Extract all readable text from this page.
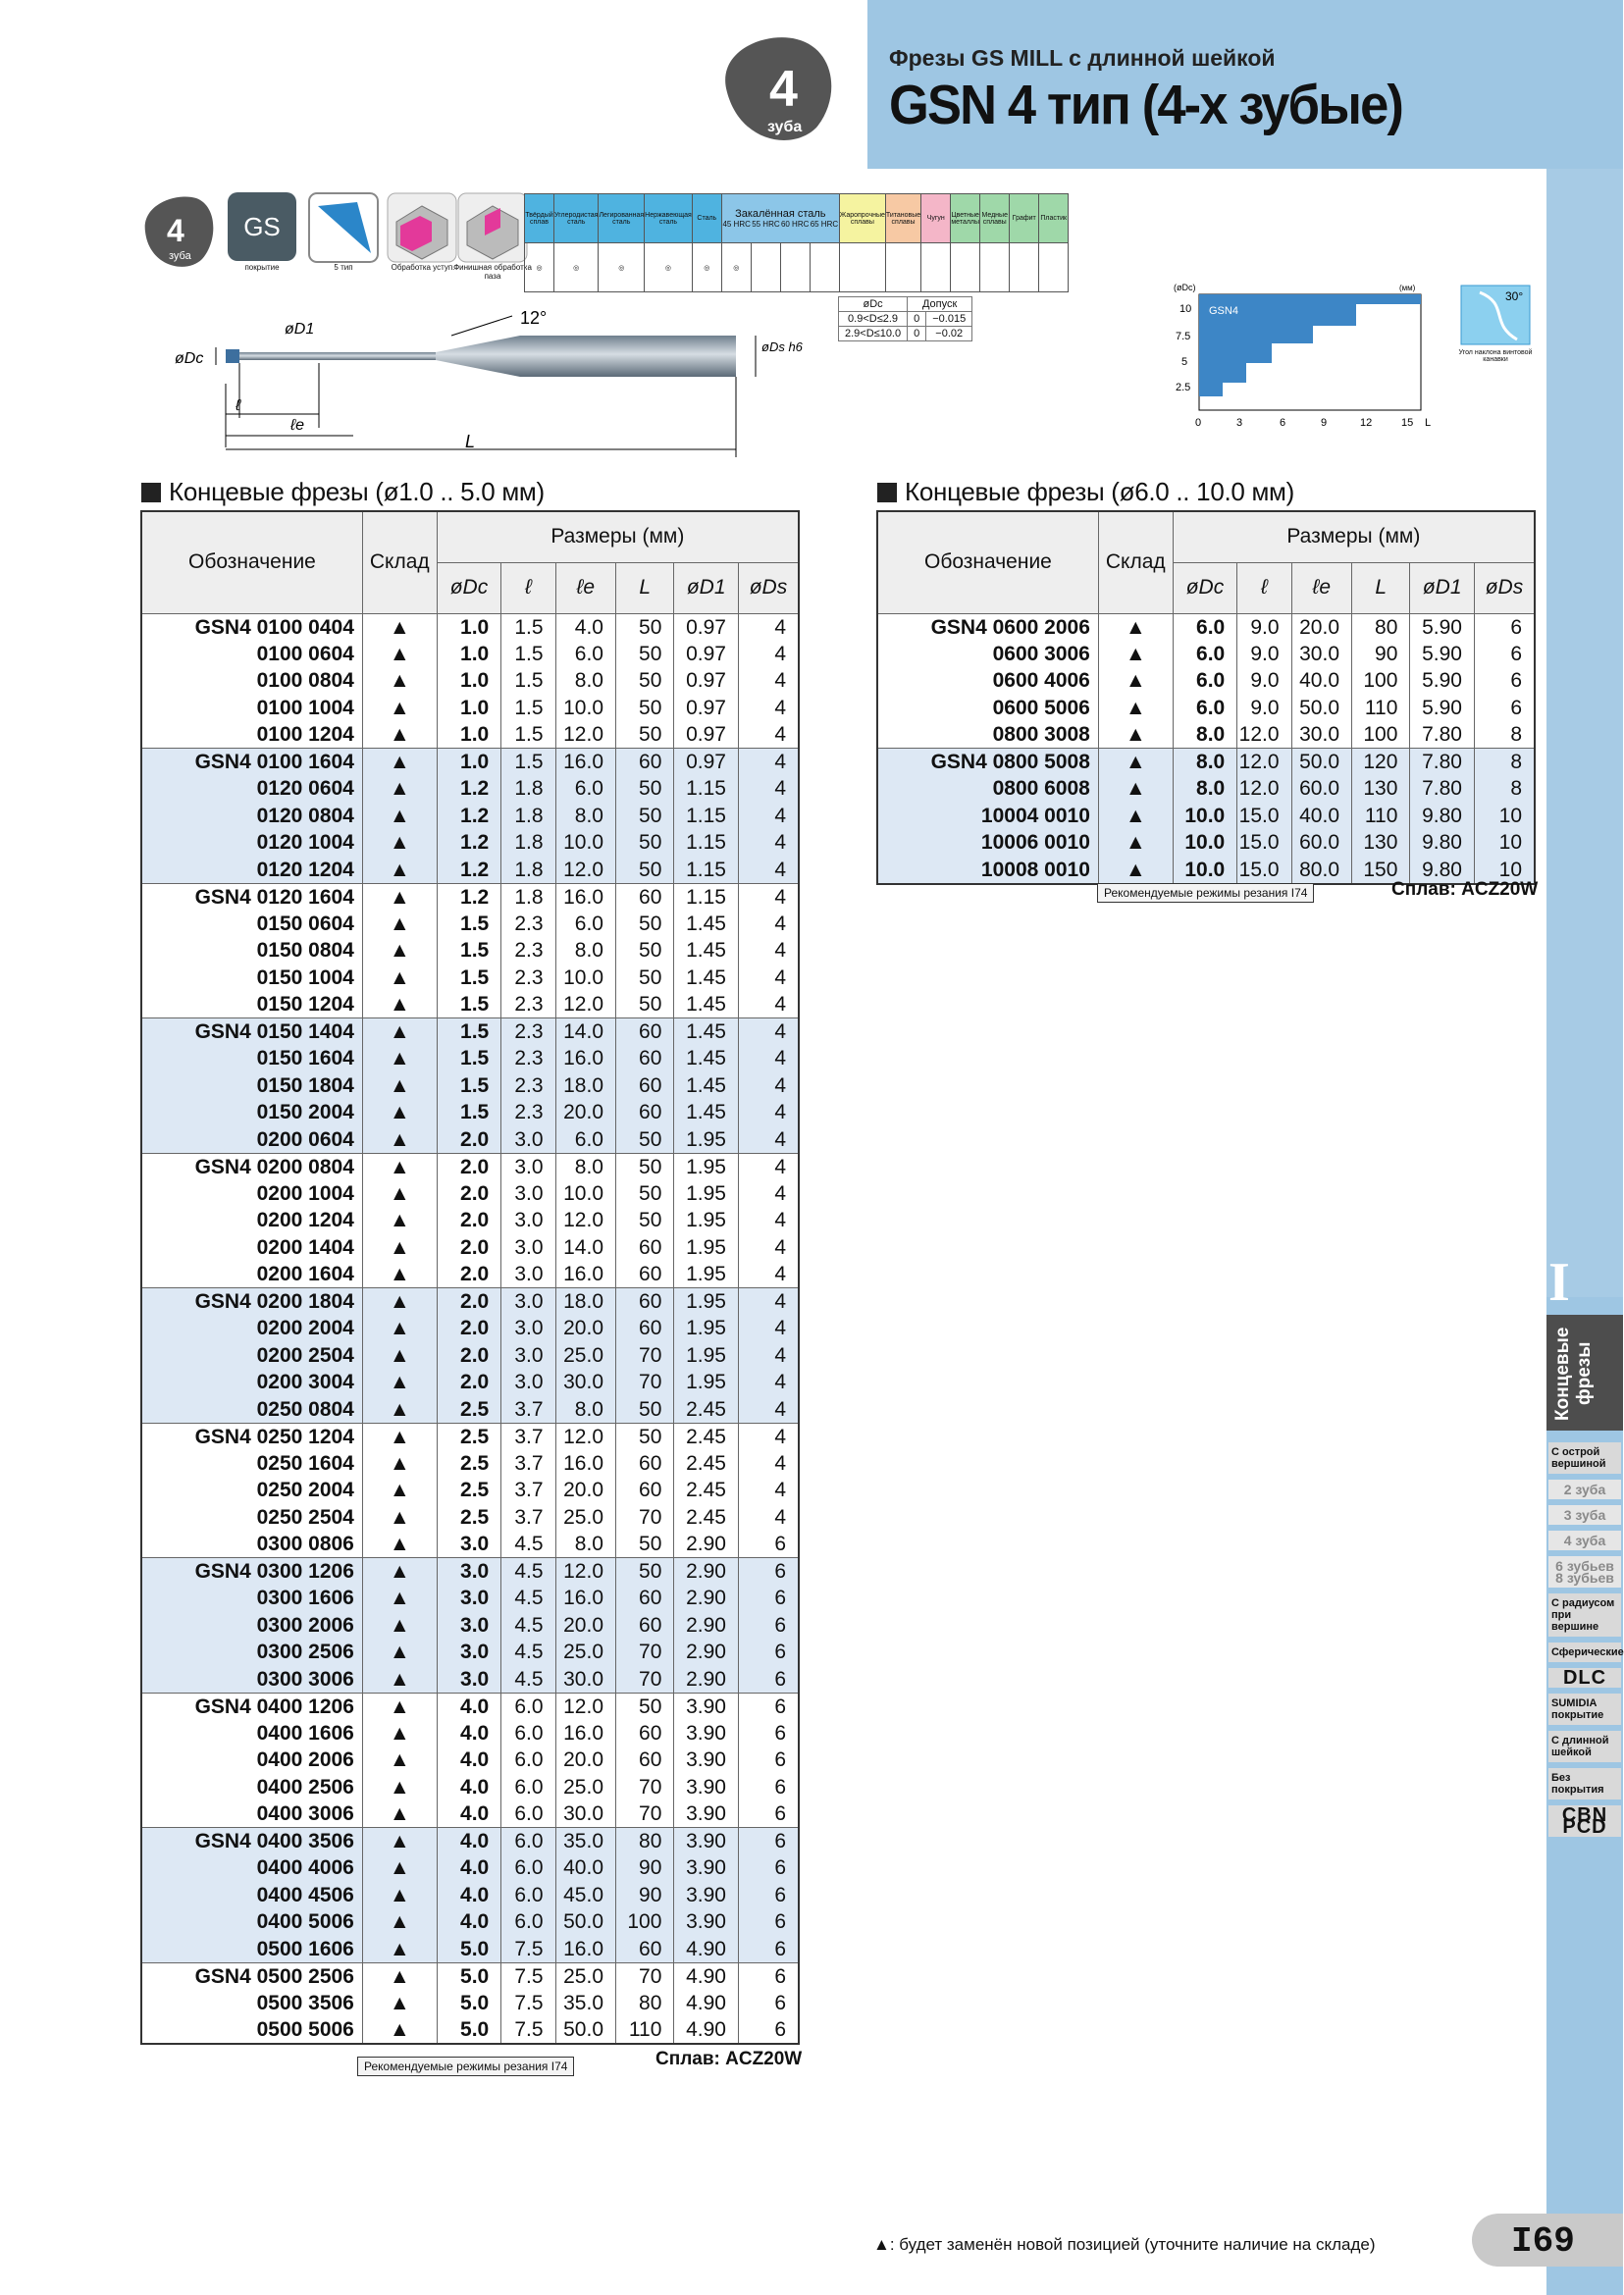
4
зуба
Фрезы GS MILL с длинной шейкой
GSN 4 тип (4-х зубые)
I
Концевые фрезы
С острой вершиной
2 зуба
3 зуба
4 зуба
6 зубьев 8 зубьев
С радиусом при вершине
Сферические
DLC
SUMIDIA покрытие
С длинной шейкой
Без покрытия
CBN PCD
4
зуба
GS
покрытие	5 тип	Обработка уступ.
Финишная обработка паза
Твёрдый сплав	Углеродистая сталь	Легированная сталь	Нержавеющая сталь	Сталь	Закалённая сталь
45 HRC 55 HRC 60 HRC 65 HRC				Жаропрочные сплавы	Титановые сплавы	Чугун	Цветные металлы	Медные сплавы	Графит	Пластик
◎	◎	◎	◎	◎	◎										
12°
øDc
øD1
ℓ
ℓe
L
øDs h6
øDc	Допуск	
0.9<D≤2.9	0	−0.015
2.9<D≤10.0	0	−0.02
GSN4
(øDc)	(мм)
10
7.5
5
2.5
0	3	6	9	12	15 L
30°
Угол наклона винтовой канавки
Концевые фрезы (ø1.0 .. 5.0 мм)	Концевые фрезы (ø6.0 .. 10.0 мм)
Обозначение	Склад	Размеры (мм)					
		øDc	ℓ	ℓe	L	øD1	øDs
GSN4 0100 0404	▲	1.0	1.5	4.0	50	0.97	4
0100 0604	▲	1.0	1.5	6.0	50	0.97	4
0100 0804	▲	1.0	1.5	8.0	50	0.97	4
0100 1004	▲	1.0	1.5	10.0	50	0.97	4
0100 1204	▲	1.0	1.5	12.0	50	0.97	4
GSN4 0100 1604	▲	1.0	1.5	16.0	60	0.97	4
0120 0604	▲	1.2	1.8	6.0	50	1.15	4
0120 0804	▲	1.2	1.8	8.0	50	1.15	4
0120 1004	▲	1.2	1.8	10.0	50	1.15	4
0120 1204	▲	1.2	1.8	12.0	50	1.15	4
GSN4 0120 1604	▲	1.2	1.8	16.0	60	1.15	4
0150 0604	▲	1.5	2.3	6.0	50	1.45	4
0150 0804	▲	1.5	2.3	8.0	50	1.45	4
0150 1004	▲	1.5	2.3	10.0	50	1.45	4
0150 1204	▲	1.5	2.3	12.0	50	1.45	4
GSN4 0150 1404	▲	1.5	2.3	14.0	60	1.45	4
0150 1604	▲	1.5	2.3	16.0	60	1.45	4
0150 1804	▲	1.5	2.3	18.0	60	1.45	4
0150 2004	▲	1.5	2.3	20.0	60	1.45	4
0200 0604	▲	2.0	3.0	6.0	50	1.95	4
GSN4 0200 0804	▲	2.0	3.0	8.0	50	1.95	4
0200 1004	▲	2.0	3.0	10.0	50	1.95	4
0200 1204	▲	2.0	3.0	12.0	50	1.95	4
0200 1404	▲	2.0	3.0	14.0	60	1.95	4
0200 1604	▲	2.0	3.0	16.0	60	1.95	4
GSN4 0200 1804	▲	2.0	3.0	18.0	60	1.95	4
0200 2004	▲	2.0	3.0	20.0	60	1.95	4
0200 2504	▲	2.0	3.0	25.0	70	1.95	4
0200 3004	▲	2.0	3.0	30.0	70	1.95	4
0250 0804	▲	2.5	3.7	8.0	50	2.45	4
GSN4 0250 1204	▲	2.5	3.7	12.0	50	2.45	4
0250 1604	▲	2.5	3.7	16.0	60	2.45	4
0250 2004	▲	2.5	3.7	20.0	60	2.45	4
0250 2504	▲	2.5	3.7	25.0	70	2.45	4
0300 0806	▲	3.0	4.5	8.0	50	2.90	6
GSN4 0300 1206	▲	3.0	4.5	12.0	50	2.90	6
0300 1606	▲	3.0	4.5	16.0	60	2.90	6
0300 2006	▲	3.0	4.5	20.0	60	2.90	6
0300 2506	▲	3.0	4.5	25.0	70	2.90	6
0300 3006	▲	3.0	4.5	30.0	70	2.90	6
GSN4 0400 1206	▲	4.0	6.0	12.0	50	3.90	6
0400 1606	▲	4.0	6.0	16.0	60	3.90	6
0400 2006	▲	4.0	6.0	20.0	60	3.90	6
0400 2506	▲	4.0	6.0	25.0	70	3.90	6
0400 3006	▲	4.0	6.0	30.0	70	3.90	6
GSN4 0400 3506	▲	4.0	6.0	35.0	80	3.90	6
0400 4006	▲	4.0	6.0	40.0	90	3.90	6
0400 4506	▲	4.0	6.0	45.0	90	3.90	6
0400 5006	▲	4.0	6.0	50.0	100	3.90	6
0500 1606	▲	5.0	7.5	16.0	60	4.90	6
GSN4 0500 2506	▲	5.0	7.5	25.0	70	4.90	6
0500 3506	▲	5.0	7.5	35.0	80	4.90	6
0500 5006	▲	5.0	7.5	50.0	110	4.90	6
Рекомендуемые режимы резания I74	Сплав: ACZ20W
Обозначение	Склад	Размеры (мм)					
		øDc	ℓ	ℓe	L	øD1	øDs
GSN4 0600 2006	▲	6.0	9.0	20.0	80	5.90	6
0600 3006	▲	6.0	9.0	30.0	90	5.90	6
0600 4006	▲	6.0	9.0	40.0	100	5.90	6
0600 5006	▲	6.0	9.0	50.0	110	5.90	6
0800 3008	▲	8.0	12.0	30.0	100	7.80	8
GSN4 0800 5008	▲	8.0	12.0	50.0	120	7.80	8
0800 6008	▲	8.0	12.0	60.0	130	7.80	8
10004 0010	▲	10.0	15.0	40.0	110	9.80	10
10006 0010	▲	10.0	15.0	60.0	130	9.80	10
10008 0010	▲	10.0	15.0	80.0	150	9.80	10
Рекомендуемые режимы резания I74	Сплав: ACZ20W
▲: будет заменён новой позицией (уточните наличие на складе)	I69
